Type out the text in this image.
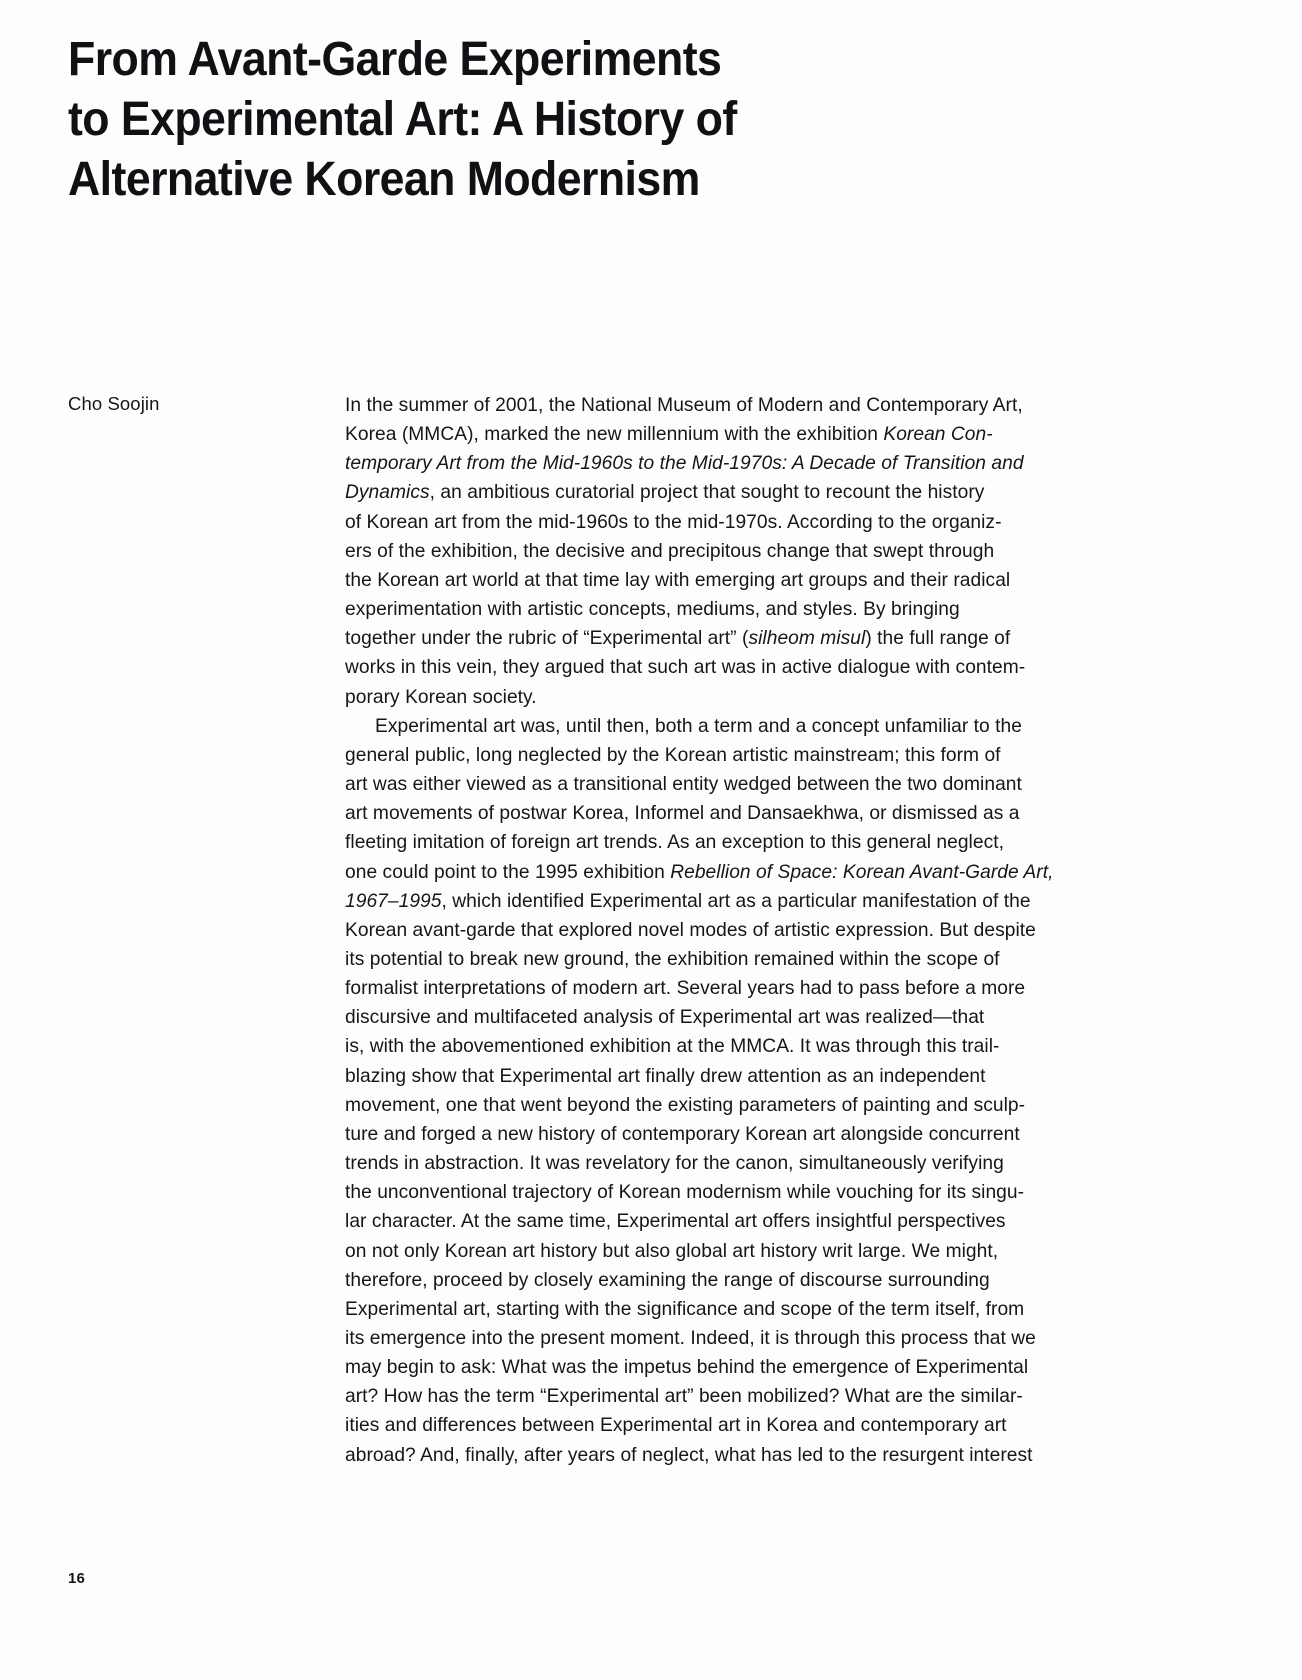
From Avant-Garde Experiments
to Experimental Art: A History of
Alternative Korean Modernism
Cho Soojin	In the summer of 2001, the National Museum of Modern and Contemporary Art,Korea (MMCA), marked the new millennium with the exhibition Korean Con-temporary Art from the Mid-1960s to the Mid-1970s: A Decade of Transition andDynamics, an ambitious curatorial project that sought to recount the historyof Korean art from the mid-1960s to the mid-1970s. According to the organiz-ers of the exhibition, the decisive and precipitous change that swept throughthe Korean art world at that time lay with emerging art groups and their radicalexperimentation with artistic concepts, mediums, and styles. By bringingtogether under the rubric of “Experimental art” (silheom misul) the full range ofworks in this vein, they argued that such art was in active dialogue with contem-porary Korean society.Experimental art was, until then, both a term and a concept unfamiliar to thegeneral public, long neglected by the Korean artistic mainstream; this form ofart was either viewed as a transitional entity wedged between the two dominantart movements of postwar Korea, Informel and Dansaekhwa, or dismissed as afleeting imitation of foreign art trends. As an exception to this general neglect,one could point to the 1995 exhibition Rebellion of Space: Korean Avant-Garde Art,1967–1995, which identified Experimental art as a particular manifestation of theKorean avant-garde that explored novel modes of artistic expression. But despiteits potential to break new ground, the exhibition remained within the scope offormalist interpretations of modern art. Several years had to pass before a morediscursive and multifaceted analysis of Experimental art was realized—thatis, with the abovementioned exhibition at the MMCA. It was through this trail-blazing show that Experimental art finally drew attention as an independentmovement, one that went beyond the existing parameters of painting and sculp-ture and forged a new history of contemporary Korean art alongside concurrenttrends in abstraction. It was revelatory for the canon, simultaneously verifyingthe unconventional trajectory of Korean modernism while vouching for its singu-lar character. At the same time, Experimental art offers insightful perspectiveson not only Korean art history but also global art history writ large. We might,therefore, proceed by closely examining the range of discourse surroundingExperimental art, starting with the significance and scope of the term itself, fromits emergence into the present moment. Indeed, it is through this process that wemay begin to ask: What was the impetus behind the emergence of Experimentalart? How has the term “Experimental art” been mobilized? What are the similar-ities and differences between Experimental art in Korea and contemporary artabroad? And, finally, after years of neglect, what has led to the resurgent interest
16
